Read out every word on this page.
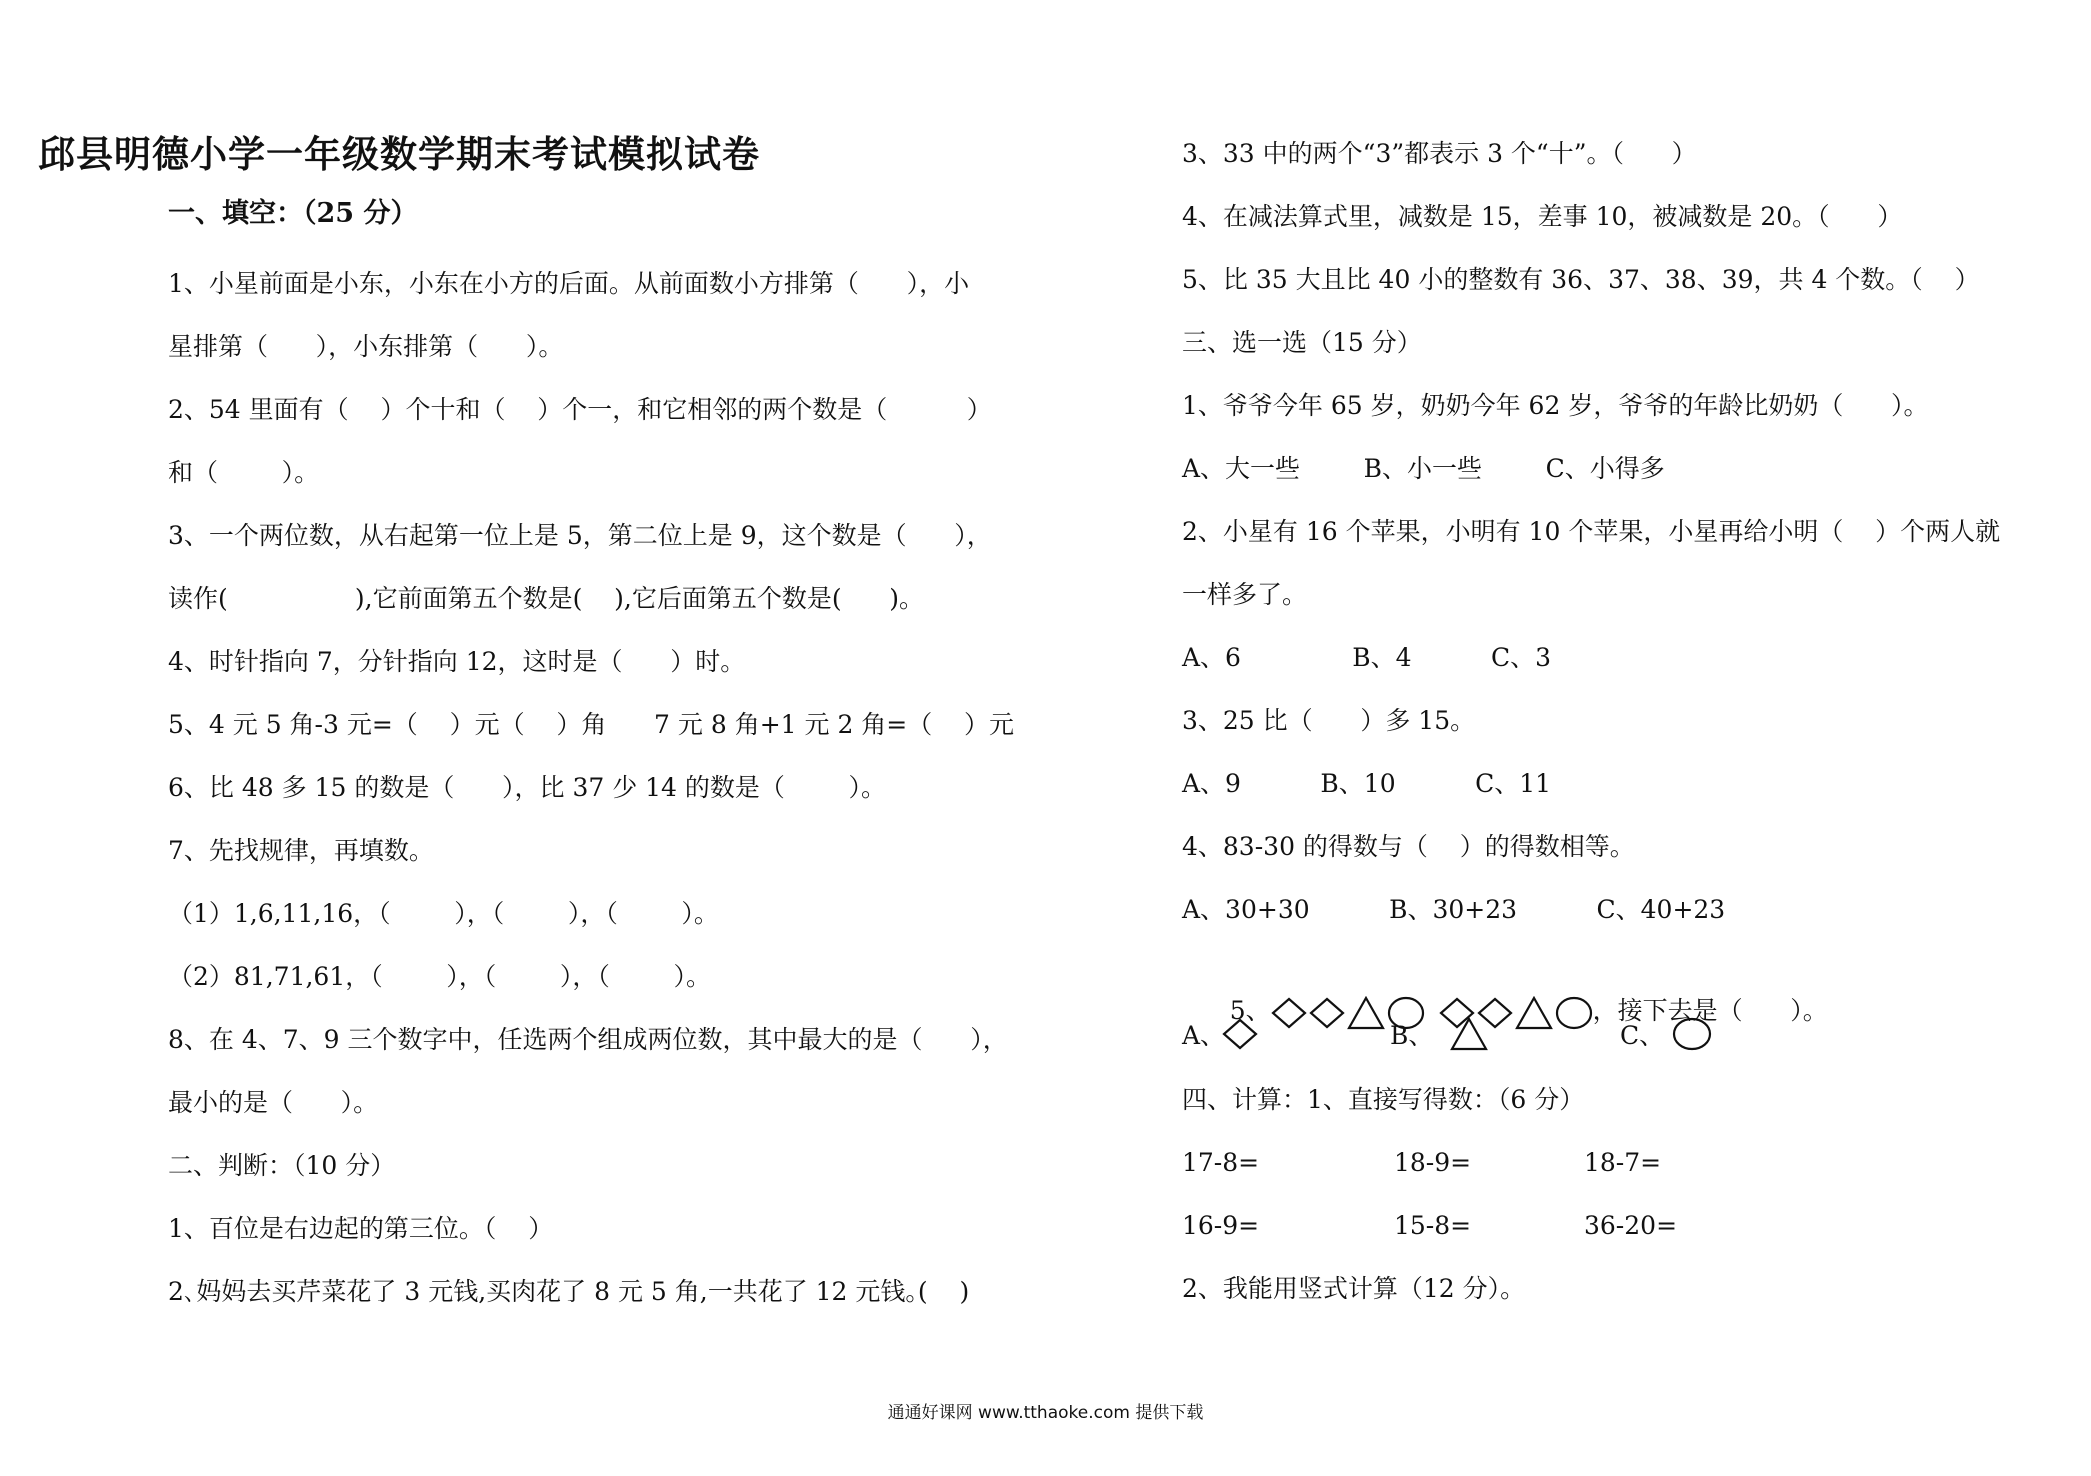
邱县明德小学一年级数学期末考试模拟试卷
一、填空：（25 分）
1、小星前面是小东，小东在小方的后面。从前面数小方排第（      ），小
星排第（      ），小东排第（      ）。
2、54 里面有（    ）个十和（    ）个一，和它相邻的两个数是（          ）
和（        ）。
3、一个两位数，从右起第一位上是 5，第二位上是 9，这个数是（      ），
读作(                ),它前面第五个数是(    ),它后面第五个数是(      )。
4、时针指向 7，分针指向 12，这时是（      ）时。
5、4 元 5 角-3 元=（    ）元（    ）角      7 元 8 角+1 元 2 角=（    ）元
6、比 48 多 15 的数是（      ），比 37 少 14 的数是（        ）。
7、先找规律，再填数。
（1）1,6,11,16，（        ），（        ），（        ）。
（2）81,71,61，（        ），（        ），（        ）。
8、在 4、7、9 三个数字中，任选两个组成两位数，其中最大的是（      ），
最小的是（      ）。
二、判断：（10 分）
1、百位是右边起的第三位。（    ）
2､妈妈去买芹菜花了 3 元钱,买肉花了 8 元 5 角,一共花了 12 元钱｡(    )
3、33 中的两个“3”都表示 3 个“十”。（      ）
4、在减法算式里，减数是 15，差事 10，被减数是 20。（      ）
5、比 35 大且比 40 小的整数有 36、37、38、39，共 4 个数。（    ）
三、选一选（15 分）
1、爷爷今年 65 岁，奶奶今年 62 岁，爷爷的年龄比奶奶（      ）。
A、大一些        B、小一些        C、小得多
2、小星有 16 个苹果，小明有 10 个苹果，小星再给小明（    ）个两人就
一样多了。
A、6              B、4          C、3
3、25 比（      ）多 15。
A、9          B、10          C、11
4、83-30 的得数与（    ）的得数相等。
A、30+30          B、30+23          C、40+23

5、	，接下去是（      ）。

A、	B、	C、
四、计算：1、直接写得数：（6 分）
17-8=	18-9=	18-7=
16-9=	15-8=	36-20=
2、我能用竖式计算（12 分）。
通通好课网 www.tthaoke.com 提供下载
